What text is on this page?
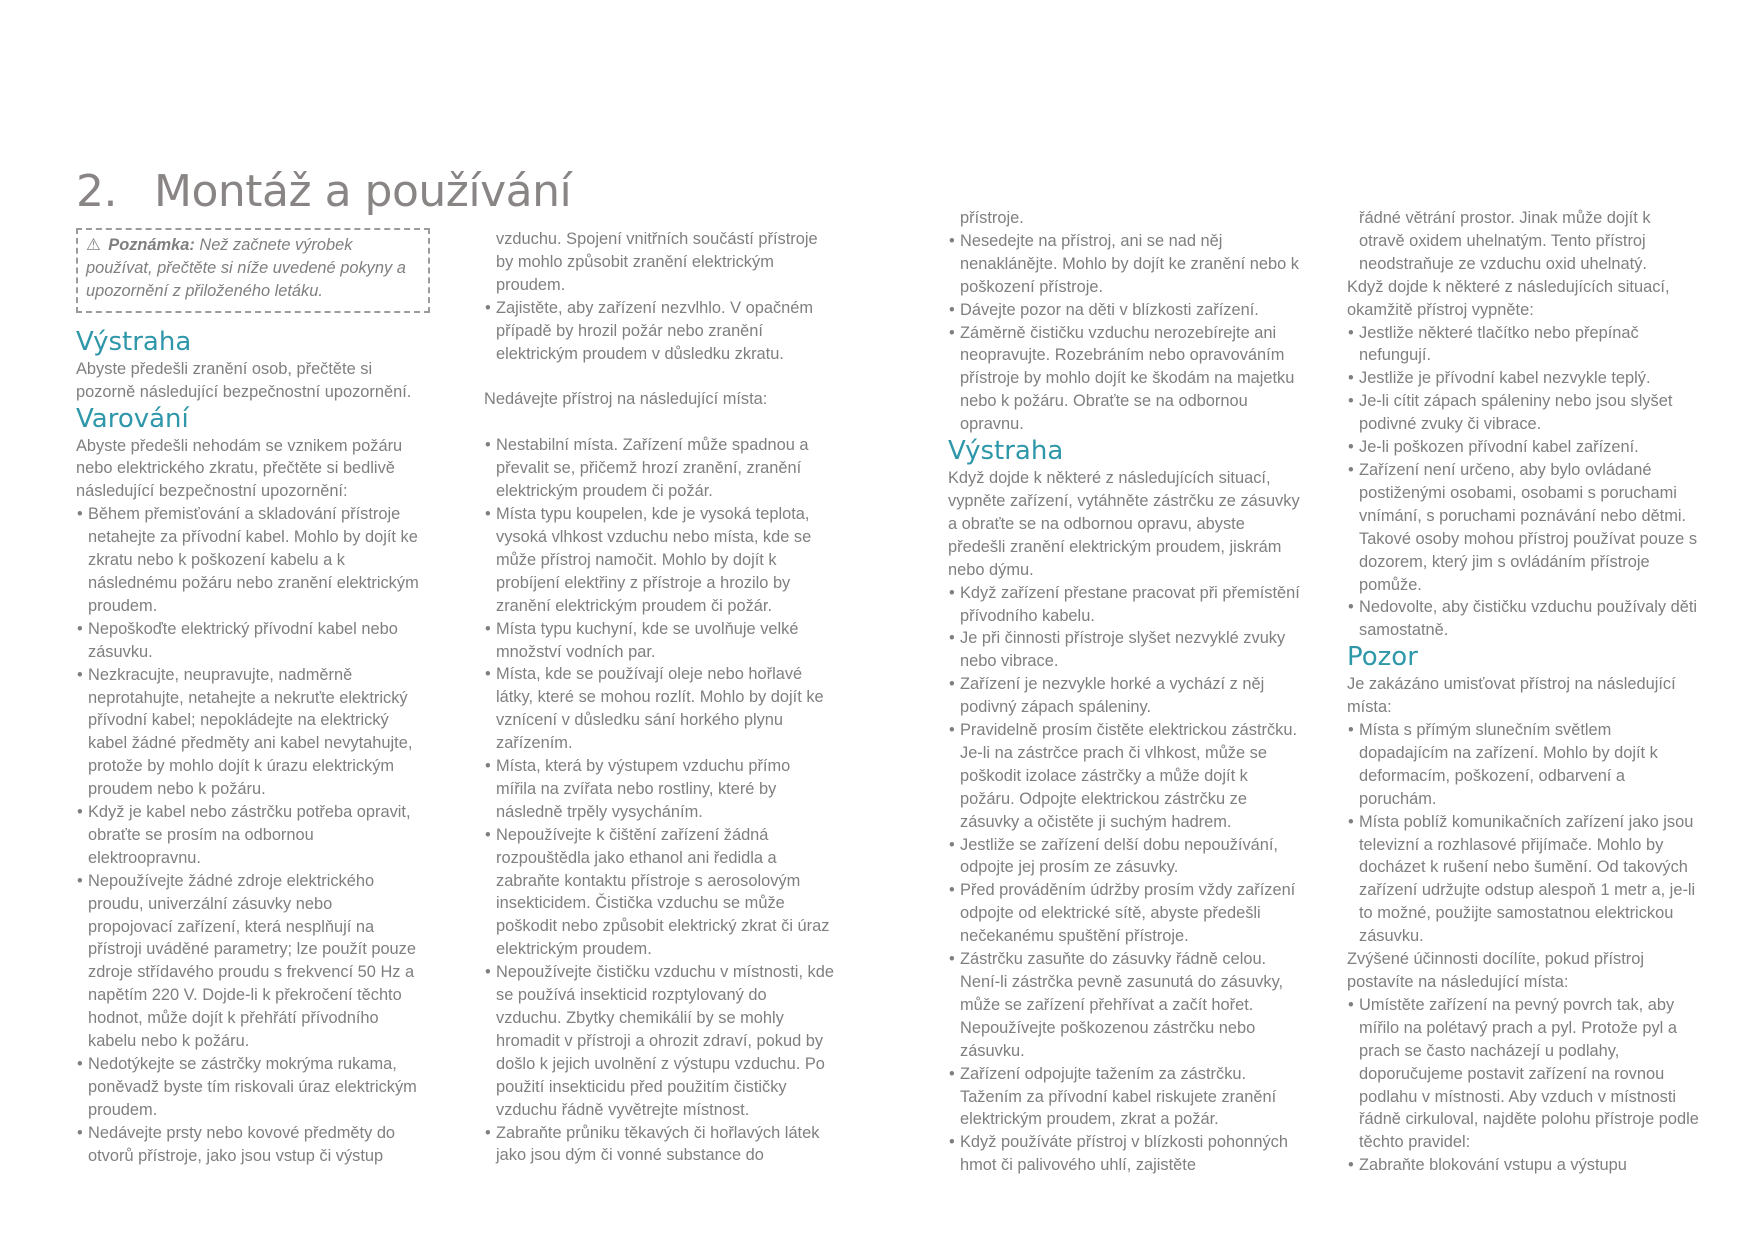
2. Montáž a používání
⚠ Poznámka: Než začnete výrobek používat, přečtěte si níže uvedené pokyny a upozornění z přiloženého letáku.
Výstraha

Abyste předešli zranění osob, přečtěte si pozorně následující bezpečnostní upozornění.

Varování

Abyste předešli nehodám se vznikem požáru nebo elektrického zkratu, přečtěte si bedlivě následující bezpečnostní upozornění:

• Během přemisťování a skladování přístroje netahejte za přívodní kabel. Mohlo by dojít ke zkratu nebo k poškození kabelu a k následnému požáru nebo zranění elektrickým proudem.
• Nepoškoďte elektrický přívodní kabel nebo zásuvku.
• Nezkracujte, neupravujte, nadměrně neprotahujte, netahejte a nekruťte elektrický přívodní kabel; nepokládejte na elektrický kabel žádné předměty ani kabel nevytahujte, protože by mohlo dojít k úrazu elektrickým proudem nebo k požáru.
• Když je kabel nebo zástrčku potřeba opravit, obraťte se prosím na odbornou elektroopravnu.
• Nepoužívejte žádné zdroje elektrického proudu, univerzální zásuvky nebo propojovací zařízení, která nesplňují na přístroji uváděné parametry; lze použít pouze zdroje střídavého proudu s frekvencí 50 Hz a napětím 220 V. Dojde-li k překročení těchto hodnot, může dojít k přehřátí přívodního kabelu nebo k požáru.
• Nedotýkejte se zástrčky mokrýma rukama, poněvadž byste tím riskovali úraz elektrickým proudem.
• Nedávejte prsty nebo kovové předměty do otvorů přístroje, jako jsou vstup či výstup
vzduchu. Spojení vnitřních součástí přístroje by mohlo způsobit zranění elektrickým proudem.
• Zajistěte, aby zařízení nezvlhlo. V opačném případě by hrozil požár nebo zranění elektrickým proudem v důsledku zkratu.

Nedávejte přístroj na následující místa:

• Nestabilní místa. Zařízení může spadnou a převalit se, přičemž hrozí zranění, zranění elektrickým proudem či požár.
• Místa typu koupelen, kde je vysoká teplota, vysoká vlhkost vzduchu nebo místa, kde se může přístroj namočit. Mohlo by dojít k probíjení elektřiny z přístroje a hrozilo by zranění elektrickým proudem či požár.
• Místa typu kuchyní, kde se uvolňuje velké množství vodních par.
• Místa, kde se používají oleje nebo hořlavé látky, které se mohou rozlít. Mohlo by dojít ke vznícení v důsledku sání horkého plynu zařízením.
• Místa, která by výstupem vzduchu přímo mířila na zvířata nebo rostliny, které by následně trpěly vysycháním.
• Nepoužívejte k čištění zařízení žádná rozpouštědla jako ethanol ani ředidla a zabraňte kontaktu přístroje s aerosolovým insekticidem. Čistička vzduchu se může poškodit nebo způsobit elektrický zkrat či úraz elektrickým proudem.
• Nepoužívejte čističku vzduchu v místnosti, kde se používá insekticid rozptylovaný do vzduchu. Zbytky chemikálií by se mohly hromadit v přístroji a ohrozit zdraví, pokud by došlo k jejich uvolnění z výstupu vzduchu. Po použití insekticidu před použitím čističky vzduchu řádně vyvětrejte místnost.
• Zabraňte průniku těkavých či hořlavých látek jako jsou dým či vonné substance do
přístroje.
• Nesedejte na přístroj, ani se nad něj nenaklánějte. Mohlo by dojít ke zranění nebo k poškození přístroje.
• Dávejte pozor na děti v blízkosti zařízení.
• Záměrně čističku vzduchu nerozebírejte ani neopravujte. Rozebráním nebo opravováním přístroje by mohlo dojít ke škodám na majetku nebo k požáru. Obraťte se na odbornou opravnu.
Výstraha

Když dojde k některé z následujících situací, vypněte zařízení, vytáhněte zástrčku ze zásuvky a obraťte se na odbornou opravu, abyste předešli zranění elektrickým proudem, jiskrám nebo dýmu.

• Když zařízení přestane pracovat při přemístění přívodního kabelu.
• Je při činnosti přístroje slyšet nezvyklé zvuky nebo vibrace.
• Zařízení je nezvykle horké a vychází z něj podivný zápach spáleniny.
• Pravidelně prosím čistěte elektrickou zástrčku. Je-li na zástrčce prach či vlhkost, může se poškodit izolace zástrčky a může dojít k požáru. Odpojte elektrickou zástrčku ze zásuvky a očistěte ji suchým hadrem.
• Jestliže se zařízení delší dobu nepoužívání, odpojte jej prosím ze zásuvky.
• Před prováděním údržby prosím vždy zařízení odpojte od elektrické sítě, abyste předešli nečekanému spuštění přístroje.
• Zástrčku zasuňte do zásuvky řádně celou. Není-li zástrčka pevně zasunutá do zásuvky, může se zařízení přehřívat a začít hořet. Nepoužívejte poškozenou zástrčku nebo zásuvku.
• Zařízení odpojujte tažením za zástrčku. Tažením za přívodní kabel riskujete zranění elektrickým proudem, zkrat a požár.
• Když používáte přístroj v blízkosti pohonných hmot či palivového uhlí, zajistěte
řádné větrání prostor. Jinak může dojít k otravě oxidem uhelnatým. Tento přístroj neodstraňuje ze vzduchu oxid uhelnatý.

Když dojde k některé z následujících situací, okamžitě přístroj vypněte:

• Jestliže některé tlačítko nebo přepínač nefungují.
• Jestliže je přívodní kabel nezvykle teplý.
• Je-li cítit zápach spáleniny nebo jsou slyšet podivné zvuky či vibrace.
• Je-li poškozen přívodní kabel zařízení.
• Zařízení není určeno, aby bylo ovládané postiženými osobami, osobami s poruchami vnímání, s poruchami poznávání nebo dětmi. Takové osoby mohou přístroj používat pouze s dozorem, který jim s ovládáním přístroje pomůže.
• Nedovolte, aby čističku vzduchu používaly děti samostatně.
Pozor

Je zakázáno umisťovat přístroj na následující místa:

• Místa s přímým slunečním světlem dopadajícím na zařízení. Mohlo by dojít k deformacím, poškození, odbarvení a poruchám.
• Místa poblíž komunikačních zařízení jako jsou televizní a rozhlasové přijímače. Mohlo by docházet k rušení nebo šumění. Od takových zařízení udržujte odstup alespoň 1 metr a, je-li to možné, použijte samostatnou elektrickou zásuvku.

Zvýšené účinnosti docílíte, pokud přístroj postavíte na následující místa:

• Umístěte zařízení na pevný povrch tak, aby mířilo na polétavý prach a pyl. Protože pyl a prach se často nacházejí u podlahy, doporučujeme postavit zařízení na rovnou podlahu v místnosti. Aby vzduch v místnosti řádně cirkuloval, najděte polohu přístroje podle těchto pravidel:
• Zabraňte blokování vstupu a výstupu
